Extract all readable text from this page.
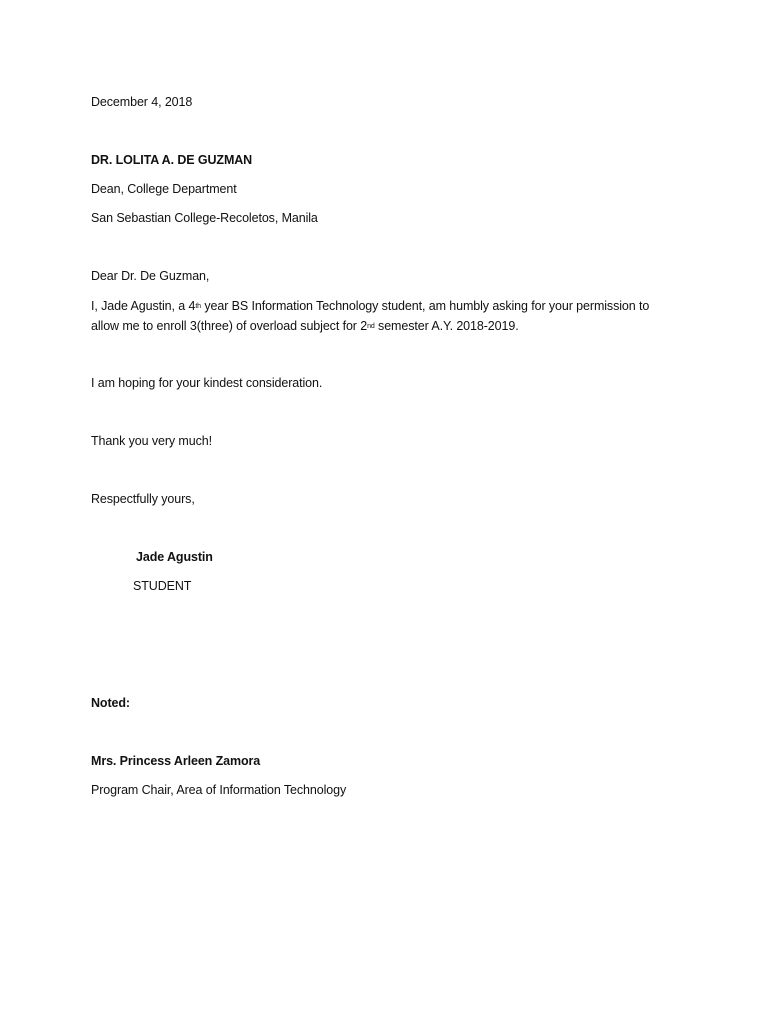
December 4, 2018
DR. LOLITA A. DE GUZMAN
Dean, College Department
San Sebastian College-Recoletos, Manila
Dear Dr. De Guzman,
I, Jade Agustin, a 4th year BS Information Technology student, am humbly asking for your permission to
allow me to enroll 3(three) of overload subject for 2nd semester A.Y. 2018-2019.
I am hoping for your kindest consideration.
Thank you very much!
Respectfully yours,
Jade Agustin
STUDENT
Noted:
Mrs. Princess Arleen Zamora
Program Chair, Area of Information Technology
